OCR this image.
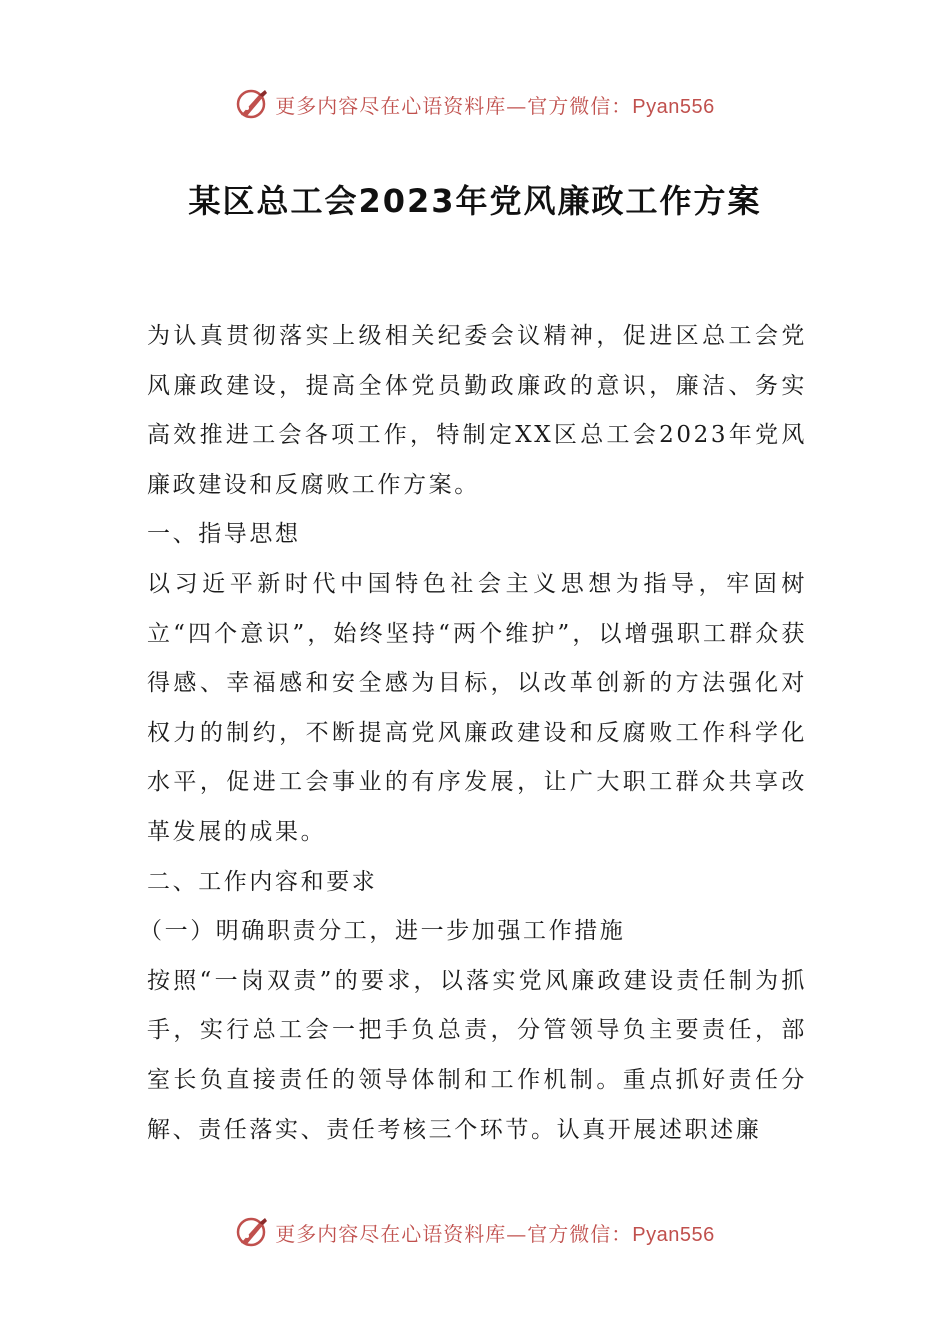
更多内容尽在心语资料库—官方微信：Pyan556
某区总工会2023年党风廉政工作方案

为认真贯彻落实上级相关纪委会议精神，促进区总工会党风廉政建设，提高全体党员勤政廉政的意识，廉洁、务实高效推进工会各项工作，特制定XX区总工会2023年党风廉政建设和反腐败工作方案。

一、指导思想

以习近平新时代中国特色社会主义思想为指导，牢固树立“四个意识”，始终坚持“两个维护”，以增强职工群众获得感、幸福感和安全感为目标，以改革创新的方法强化对权力的制约，不断提高党风廉政建设和反腐败工作科学化水平，促进工会事业的有序发展，让广大职工群众共享改革发展的成果。

二、工作内容和要求

（一）明确职责分工，进一步加强工作措施

按照“一岗双责”的要求，以落实党风廉政建设责任制为抓手，实行总工会一把手负总责，分管领导负主要责任，部室长负直接责任的领导体制和工作机制。重点抓好责任分解、责任落实、责任考核三个环节。认真开展述职述廉

更多内容尽在心语资料库—官方微信：Pyan556
